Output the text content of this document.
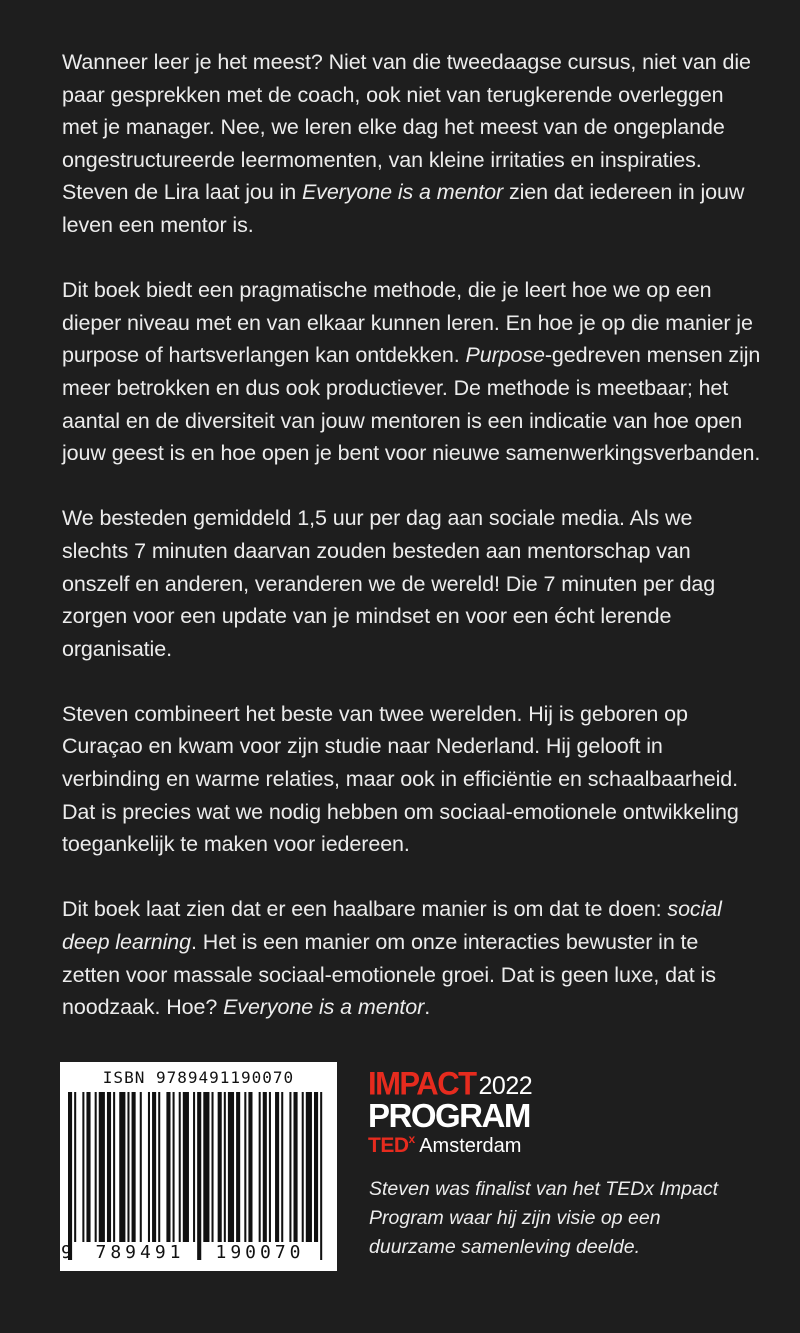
Wanneer leer je het meest? Niet van die tweedaagse cursus, niet van die paar gesprekken met de coach, ook niet van terugkerende overleggen met je manager. Nee, we leren elke dag het meest van de ongeplande ongestructureerde leermomenten, van kleine irritaties en inspiraties. Steven de Lira laat jou in Everyone is a mentor zien dat iedereen in jouw leven een mentor is.

Dit boek biedt een pragmatische methode, die je leert hoe we op een dieper niveau met en van elkaar kunnen leren. En hoe je op die manier je purpose of hartsverlangen kan ontdekken. Purpose-gedreven mensen zijn meer betrokken en dus ook productiever. De methode is meetbaar; het aantal en de diversiteit van jouw mentoren is een indicatie van hoe open jouw geest is en hoe open je bent voor nieuwe samenwerkingsverbanden.

We besteden gemiddeld 1,5 uur per dag aan sociale media. Als we slechts 7 minuten daarvan zouden besteden aan mentorschap van onszelf en anderen, veranderen we de wereld! Die 7 minuten per dag zorgen voor een update van je mindset en voor een écht lerende organisatie.

Steven combineert het beste van twee werelden. Hij is geboren op Curaçao en kwam voor zijn studie naar Nederland. Hij gelooft in verbinding en warme relaties, maar ook in efficiëntie en schaalbaarheid. Dat is precies wat we nodig hebben om sociaal-emotionele ontwikkeling toegankelijk te maken voor iedereen.

Dit boek laat zien dat er een haalbare manier is om dat te doen: social deep learning. Het is een manier om onze interacties bewuster in te zetten voor massale sociaal-emotionele groei. Dat is geen luxe, dat is noodzaak. Hoe? Everyone is a mentor.

ISBN 9789491190070
9	789491	190070
IMPACT 2022
PROGRAM
TED x Amsterdam
Steven was finalist van het TEDx Impact Program waar hij zijn visie op een duurzame samenleving deelde.
